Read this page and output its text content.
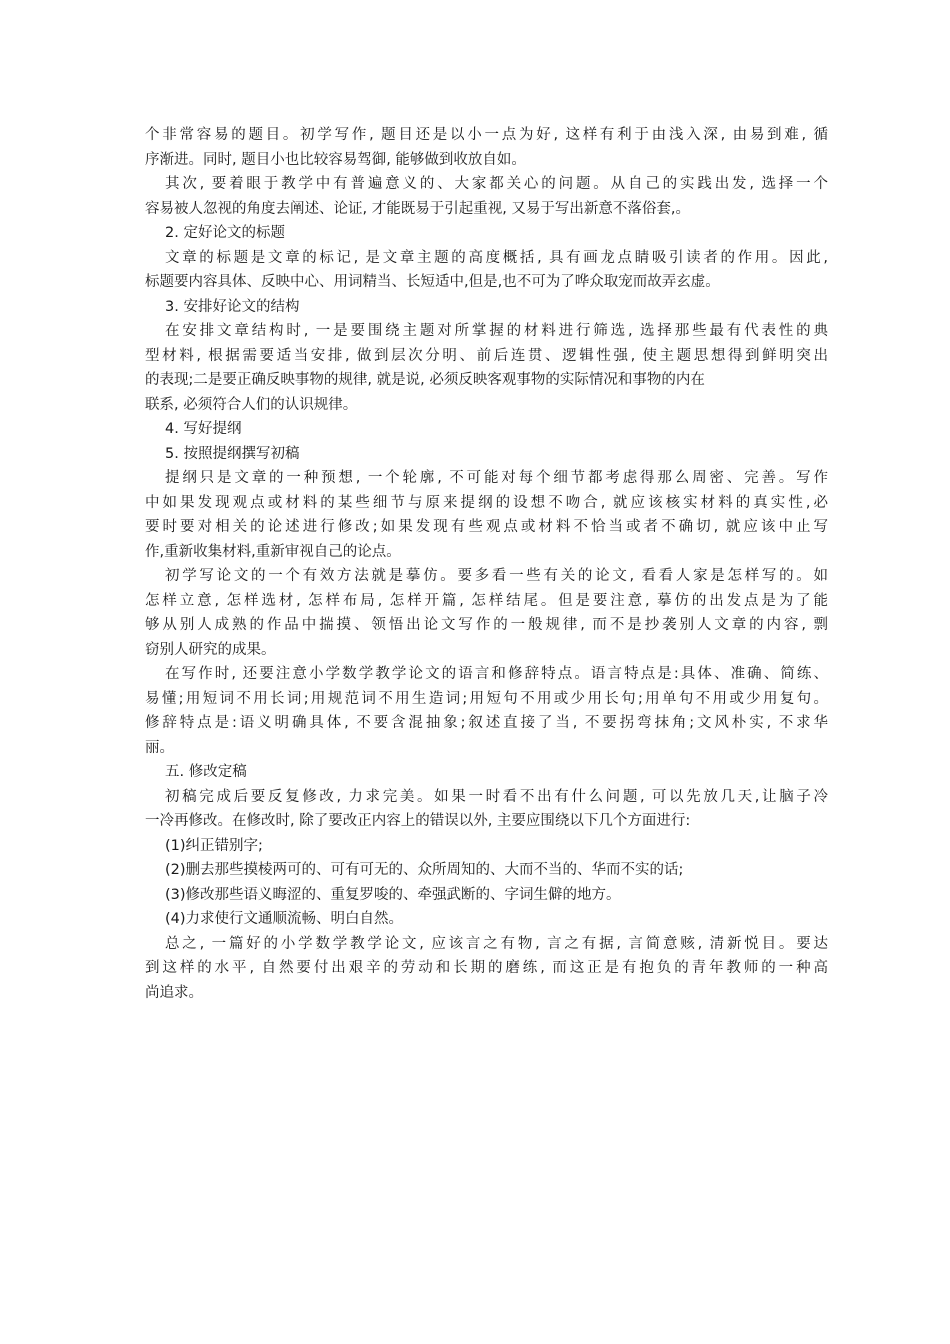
个非常容易的题目。初学写作, 题目还是以小一点为好, 这样有利于由浅入深, 由易到难, 循
序渐进。同时, 题目小也比较容易驾御, 能够做到收放自如。
其次, 要着眼于教学中有普遍意义的、大家都关心的问题。从自己的实践出发, 选择一个
容易被人忽视的角度去阐述、论证, 才能既易于引起重视, 又易于写出新意不落俗套,。
2. 定好论文的标题
文章的标题是文章的标记, 是文章主题的高度概括, 具有画龙点睛吸引读者的作用。因此,
标题要内容具体、反映中心、用词精当、长短适中,但是,也不可为了哗众取宠而故弄玄虚。
3. 安排好论文的结构
在安排文章结构时, 一是要围绕主题对所掌握的材料进行筛选, 选择那些最有代表性的典
型材料, 根据需要适当安排, 做到层次分明、前后连贯、逻辑性强, 使主题思想得到鲜明突出
的表现;二是要正确反映事物的规律, 就是说, 必须反映客观事物的实际情况和事物的内在
联系, 必须符合人们的认识规律。
4. 写好提纲
5. 按照提纲撰写初稿
提纲只是文章的一种预想, 一个轮廓, 不可能对每个细节都考虑得那么周密、完善。写作
中如果发现观点或材料的某些细节与原来提纲的设想不吻合, 就应该核实材料的真实性,必
要时要对相关的论述进行修改;如果发现有些观点或材料不恰当或者不确切, 就应该中止写
作,重新收集材料,重新审视自己的论点。
初学写论文的一个有效方法就是摹仿。要多看一些有关的论文, 看看人家是怎样写的。如
怎样立意, 怎样选材, 怎样布局, 怎样开篇, 怎样结尾。但是要注意, 摹仿的出发点是为了能
够从别人成熟的作品中揣摸、领悟出论文写作的一般规律, 而不是抄袭别人文章的内容, 剽
窃别人研究的成果。
在写作时, 还要注意小学数学教学论文的语言和修辞特点。语言特点是:具体、准确、简练、
易懂;用短词不用长词;用规范词不用生造词;用短句不用或少用长句;用单句不用或少用复句。
修辞特点是:语义明确具体, 不要含混抽象;叙述直接了当, 不要拐弯抹角;文风朴实, 不求华
丽。
五. 修改定稿
初稿完成后要反复修改, 力求完美。如果一时看不出有什么问题, 可以先放几天,让脑子冷
一冷再修改。在修改时, 除了要改正内容上的错误以外, 主要应围绕以下几个方面进行:
(1)纠正错别字;
(2)删去那些摸棱两可的、可有可无的、众所周知的、大而不当的、华而不实的话;
(3)修改那些语义晦涩的、重复罗唆的、牵强武断的、字词生僻的地方。
(4)力求使行文通顺流畅、明白自然。
总之, 一篇好的小学数学教学论文, 应该言之有物, 言之有据, 言简意赅, 清新悦目。要达
到这样的水平, 自然要付出艰辛的劳动和长期的磨练, 而这正是有抱负的青年教师的一种高
尚追求。
